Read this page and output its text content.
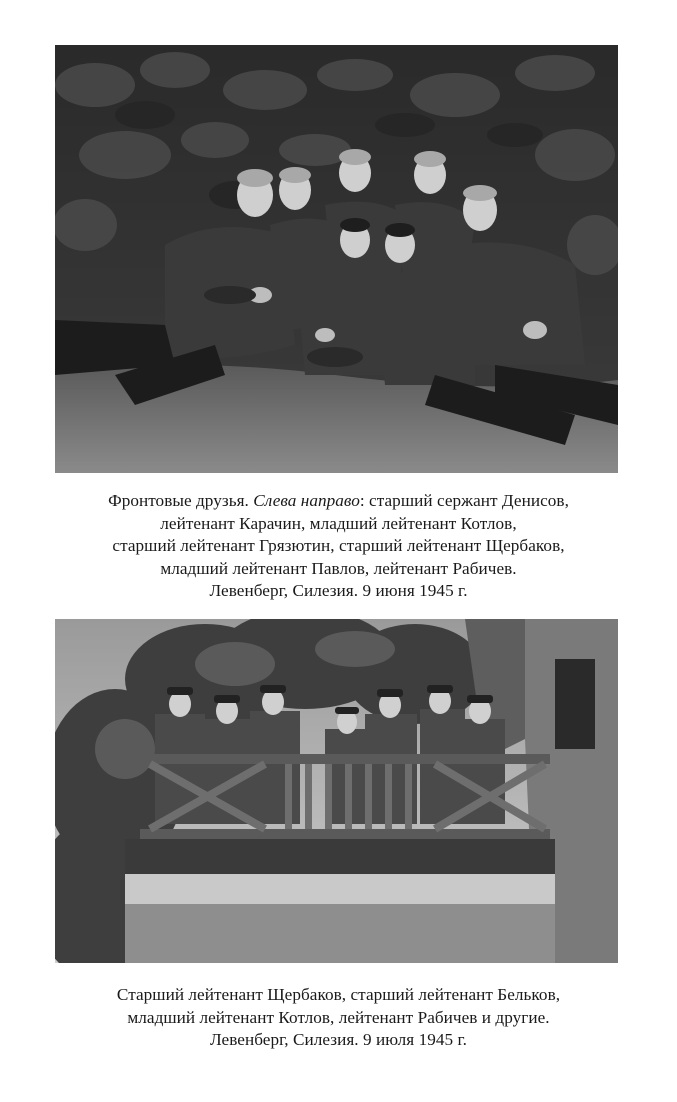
Фронтовые друзья. Слева направо: старший сержант Денисов,
лейтенант Карачин, младший лейтенант Котлов,
старший лейтенант Грязютин, старший лейтенант Щербаков,
младший лейтенант Павлов, лейтенант Рабичев.
Левенберг, Силезия. 9 июня 1945 г.
Старший лейтенант Щербаков, старший лейтенант Бельков,
младший лейтенант Котлов, лейтенант Рабичев и другие.
Левенберг, Силезия. 9 июля 1945 г.
